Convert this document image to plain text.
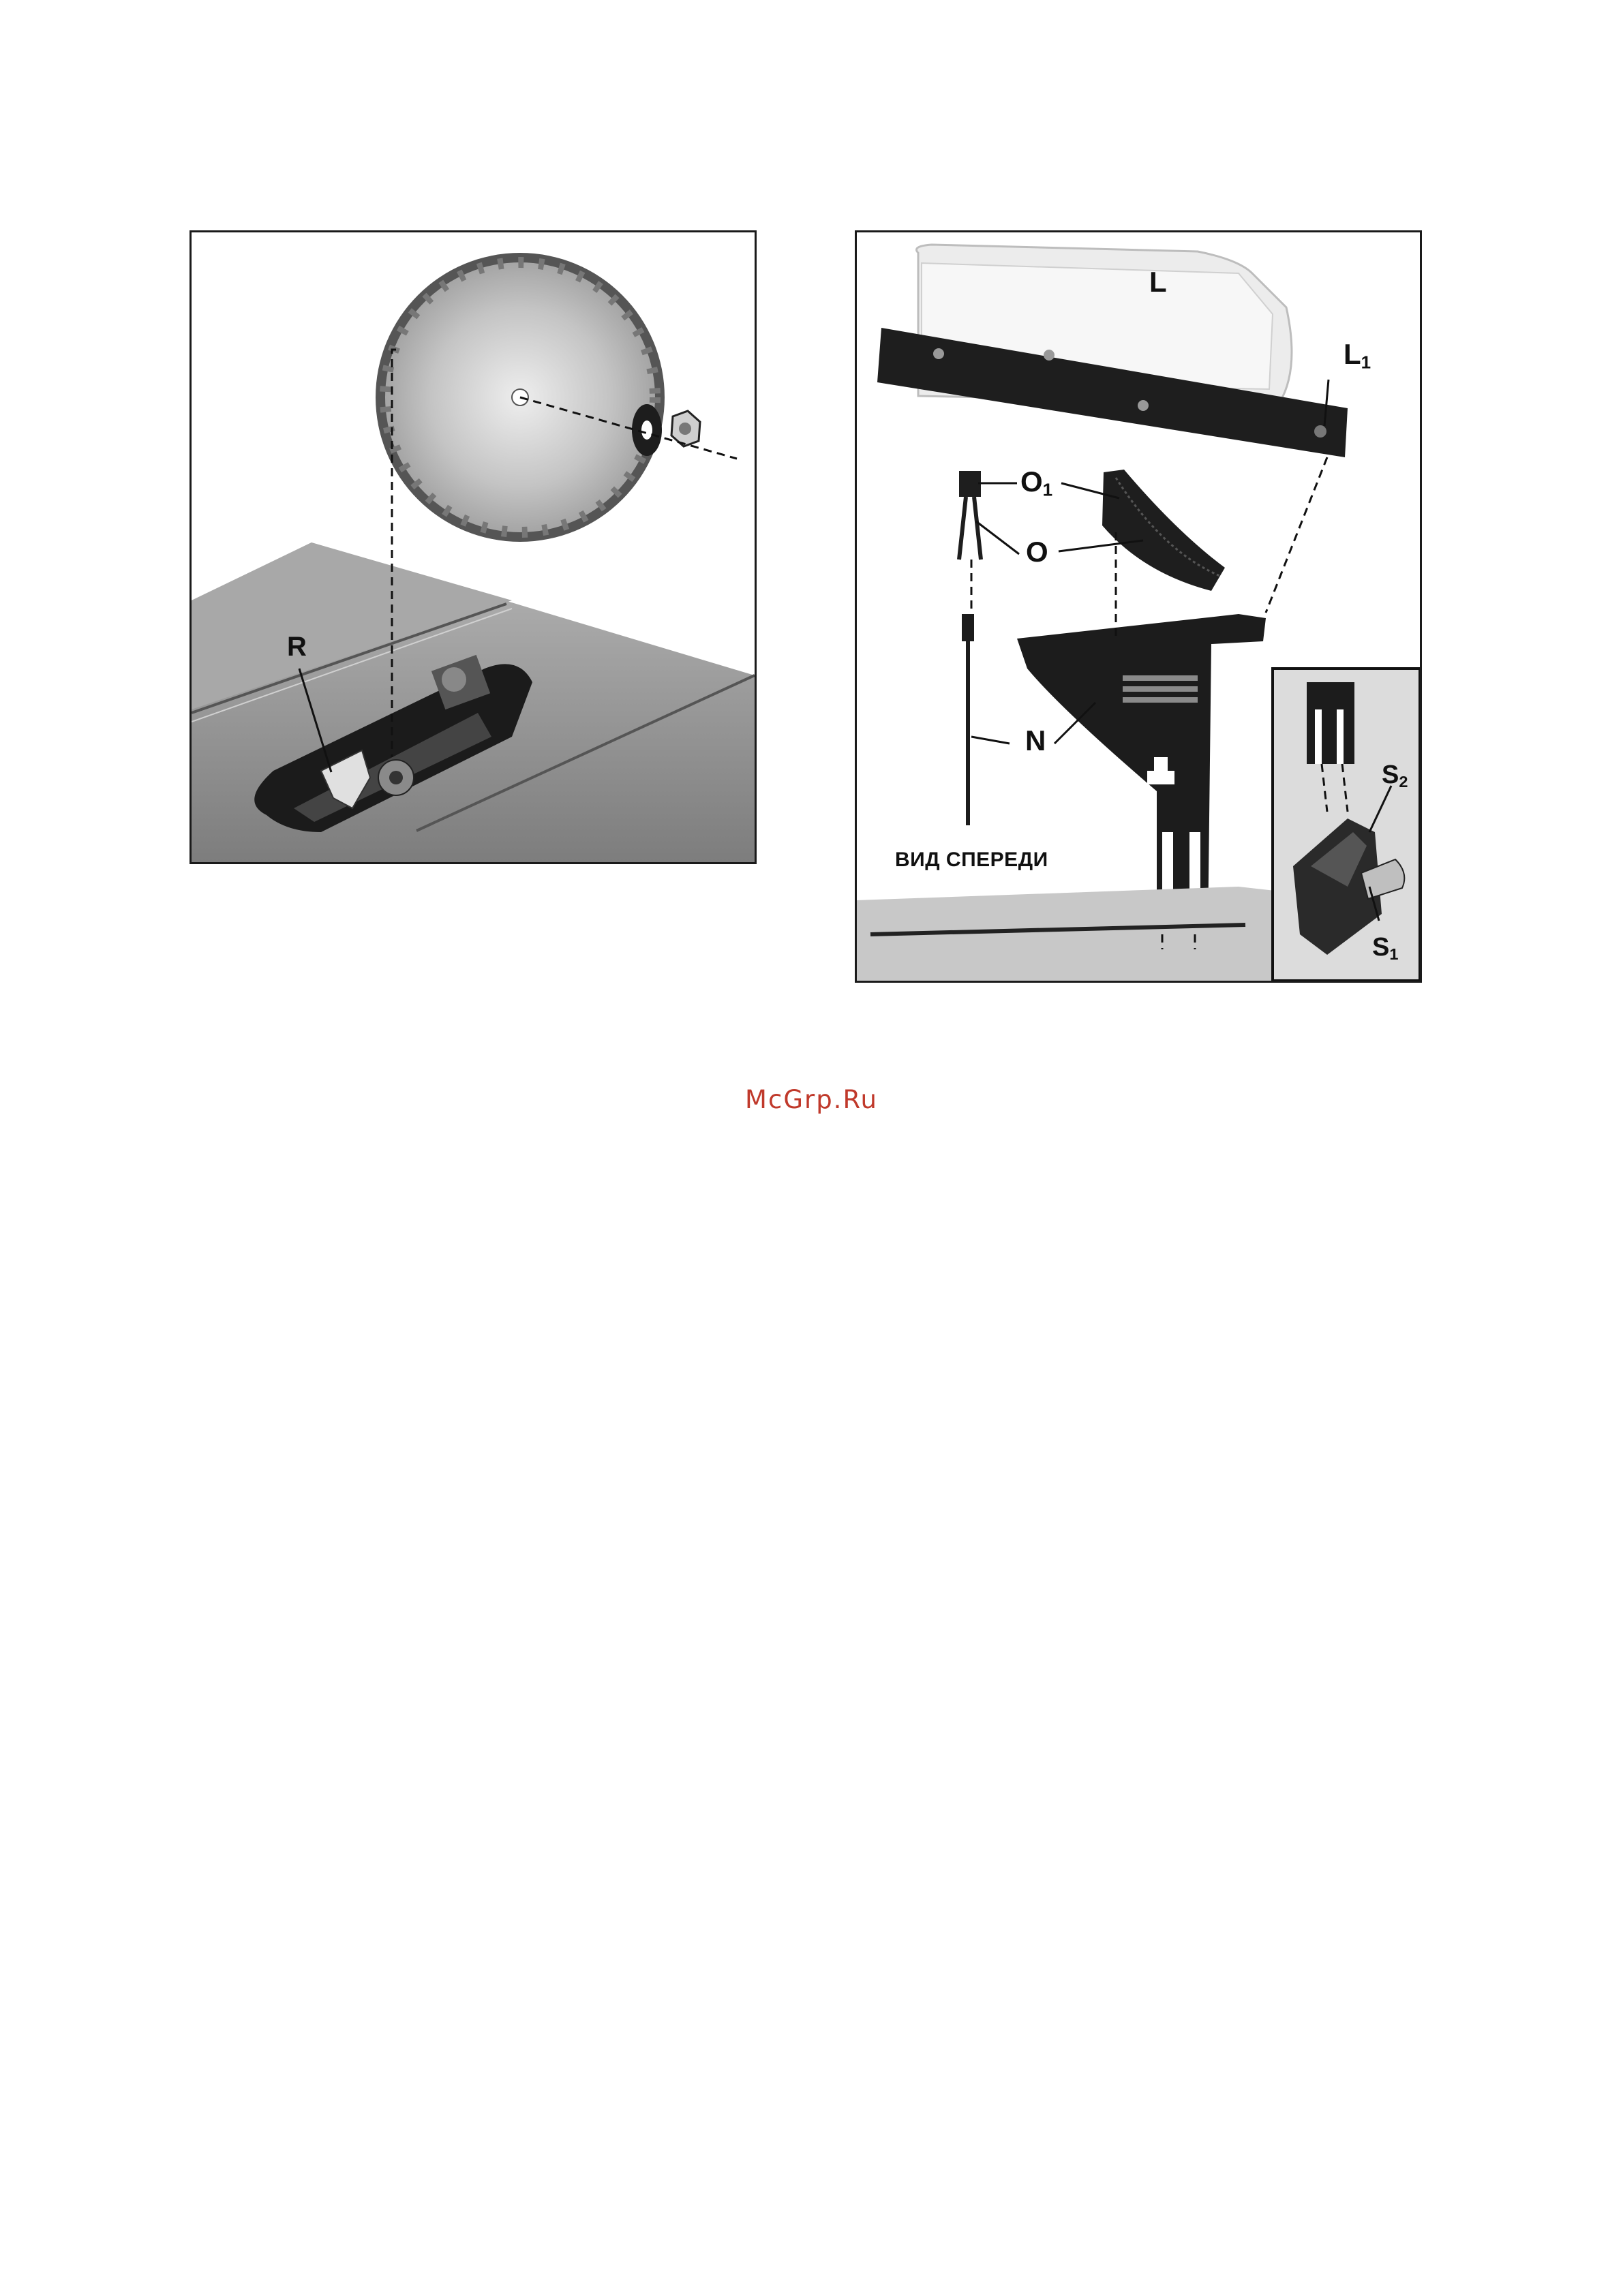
R
L
$L_1$
$O_1$
O
N
$S_2$
$S_1$
ВИД СПЕРЕДИ
McGrp.Ru
